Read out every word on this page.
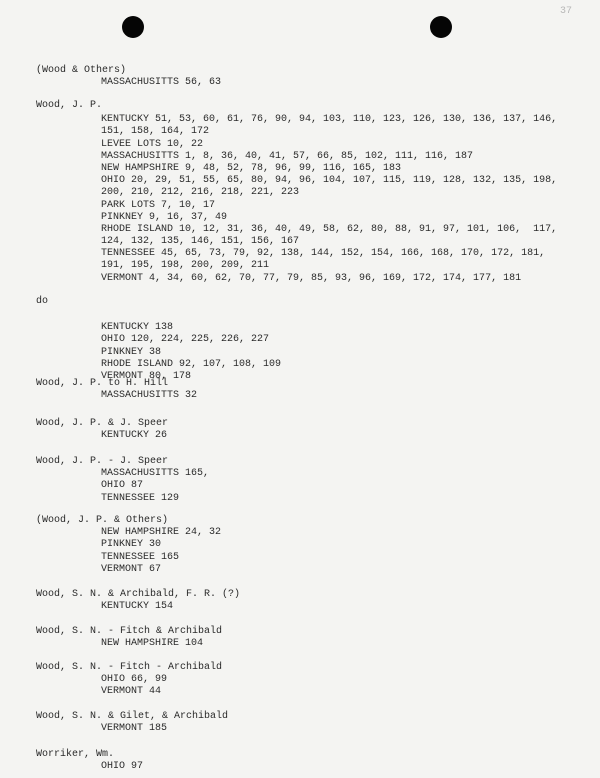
37
(Wood & Others)
MASSACHUSITTS 56, 63
Wood, J. P.
KENTUCKY 51, 53, 60, 61, 76, 90, 94, 103, 110, 123, 126, 130, 136, 137, 146,
151, 158, 164, 172
LEVEE LOTS 10, 22
MASSACHUSITTS 1, 8, 36, 40, 41, 57, 66, 85, 102, 111, 116, 187
NEW HAMPSHIRE 9, 48, 52, 78, 96, 99, 116, 165, 183
OHIO 20, 29, 51, 55, 65, 80, 94, 96, 104, 107, 115, 119, 128, 132, 135, 198,
200, 210, 212, 216, 218, 221, 223
PARK LOTS 7, 10, 17
PINKNEY 9, 16, 37, 49
RHODE ISLAND 10, 12, 31, 36, 40, 49, 58, 62, 80, 88, 91, 97, 101, 106,  117,
124, 132, 135, 146, 151, 156, 167
TENNESSEE 45, 65, 73, 79, 92, 138, 144, 152, 154, 166, 168, 170, 172, 181,
191, 195, 198, 200, 209, 211
VERMONT 4, 34, 60, 62, 70, 77, 79, 85, 93, 96, 169, 172, 174, 177, 181
do
KENTUCKY 138
OHIO 120, 224, 225, 226, 227
PINKNEY 38
RHODE ISLAND 92, 107, 108, 109
VERMONT 80, 178
Wood, J. P. to H. Hill
MASSACHUSITTS 32
Wood, J. P. & J. Speer
KENTUCKY 26
Wood, J. P. - J. Speer
MASSACHUSITTS 165,
OHIO 87
TENNESSEE 129
(Wood, J. P. & Others)
NEW HAMPSHIRE 24, 32
PINKNEY 30
TENNESSEE 165
VERMONT 67
Wood, S. N. & Archibald, F. R. (?)
KENTUCKY 154
Wood, S. N. - Fitch & Archibald
NEW HAMPSHIRE 104
Wood, S. N. - Fitch - Archibald
OHIO 66, 99
VERMONT 44
Wood, S. N. & Gilet, & Archibald
VERMONT 185
Worriker, Wm.
OHIO 97
